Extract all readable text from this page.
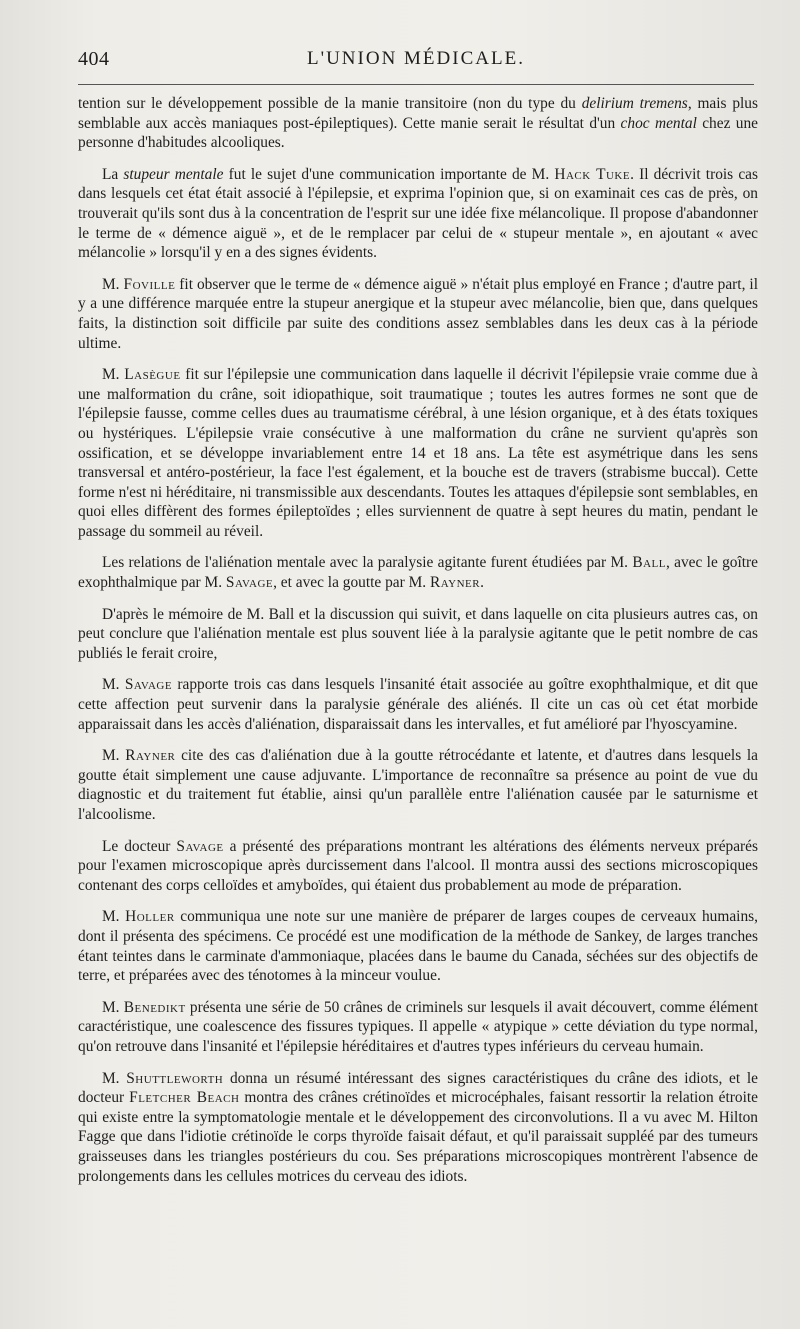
404	L'UNION MÉDICALE.

tention sur le développement possible de la manie transitoire (non du type du delirium tremens, mais plus semblable aux accès maniaques post-épileptiques). Cette manie serait le résultat d'un choc mental chez une personne d'habitudes alcooliques.

La stupeur mentale fut le sujet d'une communication importante de M. Hack Tuke. Il décrivit trois cas dans lesquels cet état était associé à l'épilepsie, et exprima l'opinion que, si on examinait ces cas de près, on trouverait qu'ils sont dus à la concentration de l'esprit sur une idée fixe mélancolique. Il propose d'abandonner le terme de « démence aiguë », et de le remplacer par celui de « stupeur mentale », en ajoutant « avec mélancolie » lorsqu'il y en a des signes évidents.

M. Foville fit observer que le terme de « démence aiguë » n'était plus employé en France ; d'autre part, il y a une différence marquée entre la stupeur anergique et la stupeur avec mélancolie, bien que, dans quelques faits, la distinction soit difficile par suite des conditions assez semblables dans les deux cas à la période ultime.

M. Lasègue fit sur l'épilepsie une communication dans laquelle il décrivit l'épilepsie vraie comme due à une malformation du crâne, soit idiopathique, soit traumatique ; toutes les autres formes ne sont que de l'épilepsie fausse, comme celles dues au traumatisme cérébral, à une lésion organique, et à des états toxiques ou hystériques. L'épilepsie vraie consécutive à une malformation du crâne ne survient qu'après son ossification, et se développe invariablement entre 14 et 18 ans. La tête est asymétrique dans les sens transversal et antéro-postérieur, la face l'est également, et la bouche est de travers (strabisme buccal). Cette forme n'est ni héréditaire, ni transmissible aux descendants. Toutes les attaques d'épilepsie sont semblables, en quoi elles diffèrent des formes épileptoïdes ; elles surviennent de quatre à sept heures du matin, pendant le passage du sommeil au réveil.

Les relations de l'aliénation mentale avec la paralysie agitante furent étudiées par M. Ball, avec le goître exophthalmique par M. Savage, et avec la goutte par M. Rayner.

D'après le mémoire de M. Ball et la discussion qui suivit, et dans laquelle on cita plusieurs autres cas, on peut conclure que l'aliénation mentale est plus souvent liée à la paralysie agitante que le petit nombre de cas publiés le ferait croire,

M. Savage rapporte trois cas dans lesquels l'insanité était associée au goître exophthalmique, et dit que cette affection peut survenir dans la paralysie générale des aliénés. Il cite un cas où cet état morbide apparaissait dans les accès d'aliénation, disparaissait dans les intervalles, et fut amélioré par l'hyoscyamine.

M. Rayner cite des cas d'aliénation due à la goutte rétrocédante et latente, et d'autres dans lesquels la goutte était simplement une cause adjuvante. L'importance de reconnaître sa présence au point de vue du diagnostic et du traitement fut établie, ainsi qu'un parallèle entre l'aliénation causée par le saturnisme et l'alcoolisme.

Le docteur Savage a présenté des préparations montrant les altérations des éléments nerveux préparés pour l'examen microscopique après durcissement dans l'alcool. Il montra aussi des sections microscopiques contenant des corps celloïdes et amyboïdes, qui étaient dus probablement au mode de préparation.

M. Holler communiqua une note sur une manière de préparer de larges coupes de cerveaux humains, dont il présenta des spécimens. Ce procédé est une modification de la méthode de Sankey, de larges tranches étant teintes dans le carminate d'ammoniaque, placées dans le baume du Canada, séchées sur des objectifs de terre, et préparées avec des ténotomes à la minceur voulue.

M. Benedikt présenta une série de 50 crânes de criminels sur lesquels il avait découvert, comme élément caractéristique, une coalescence des fissures typiques. Il appelle « atypique » cette déviation du type normal, qu'on retrouve dans l'insanité et l'épilepsie héréditaires et d'autres types inférieurs du cerveau humain.

M. Shuttleworth donna un résumé intéressant des signes caractéristiques du crâne des idiots, et le docteur Fletcher Beach montra des crânes crétinoïdes et microcéphales, faisant ressortir la relation étroite qui existe entre la symptomatologie mentale et le développement des circonvolutions. Il a vu avec M. Hilton Fagge que dans l'idiotie crétinoïde le corps thyroïde faisait défaut, et qu'il paraissait suppléé par des tumeurs graisseuses dans les triangles postérieurs du cou. Ses préparations microscopiques montrèrent l'absence de prolongements dans les cellules motrices du cerveau des idiots.
